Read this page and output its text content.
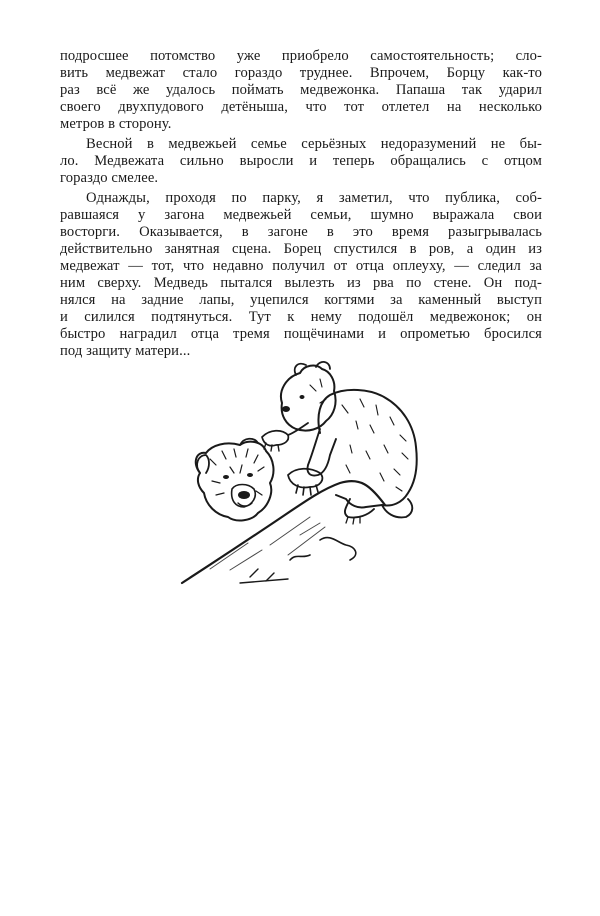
подросшее потомство уже приобрело самостоятельность; слo-
вить медвежат стало гораздо труднее. Впрочем, Борцу как-то
раз всё же удалось поймать медвежонка. Папаша так ударил
своего двухпудового детёныша, что тот отлетел на несколько
метров в сторону.
Весной в медвежьей семье серьёзных недоразумений не бы-
ло. Медвежата сильно выросли и теперь обращались с отцом
гораздо смелее.
Однажды, проходя по парку, я заметил, что публика, соб-
равшаяся у загона медвежьей семьи, шумно выражала свои
восторги. Оказывается, в загоне в это время разыгрывалась
действительно занятная сцена. Борец спустился в ров, а один из
медвежат — тот, что недавно получил от отца оплеуху, — следил за
ним сверху. Медведь пытался вылезть из рва по стене. Он под-
нялся на задние лапы, уцепился когтями за каменный выступ
и силился подтянуться. Тут к нему подошёл медвежонок; он
быстро наградил отца тремя пощёчинами и опрометью бросился
под защиту матери...
